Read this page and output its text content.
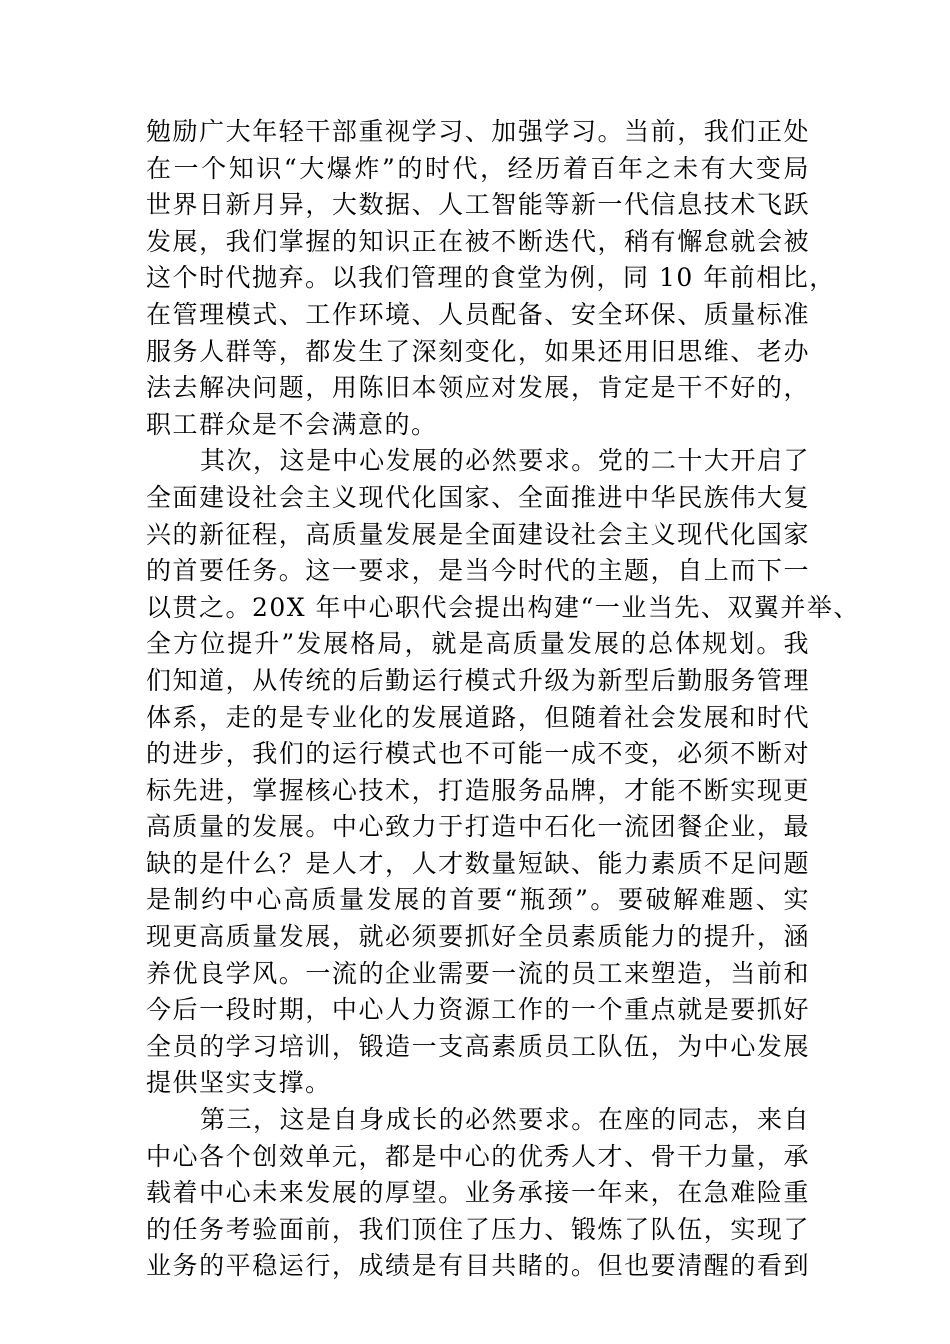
勉励广大年轻干部重视学习、加强学习。当前，我们正处
在一个知识“大爆炸”的时代，经历着百年之未有大变局
世界日新月异，大数据、人工智能等新一代信息技术飞跃
发展，我们掌握的知识正在被不断迭代，稍有懈怠就会被
这个时代抛弃。以我们管理的食堂为例，同 10 年前相比，
在管理模式、工作环境、人员配备、安全环保、质量标准
服务人群等，都发生了深刻变化，如果还用旧思维、老办
法去解决问题，用陈旧本领应对发展，肯定是干不好的，
职工群众是不会满意的。

其次，这是中心发展的必然要求。党的二十大开启了
全面建设社会主义现代化国家、全面推进中华民族伟大复
兴的新征程，高质量发展是全面建设社会主义现代化国家
的首要任务。这一要求，是当今时代的主题，自上而下一
以贯之。20X 年中心职代会提出构建“一业当先、双翼并举、
全方位提升”发展格局，就是高质量发展的总体规划。我
们知道，从传统的后勤运行模式升级为新型后勤服务管理
体系，走的是专业化的发展道路，但随着社会发展和时代
的进步，我们的运行模式也不可能一成不变，必须不断对
标先进，掌握核心技术，打造服务品牌，才能不断实现更
高质量的发展。中心致力于打造中石化一流团餐企业，最
缺的是什么？是人才，人才数量短缺、能力素质不足问题
是制约中心高质量发展的首要“瓶颈”。要破解难题、实
现更高质量发展，就必须要抓好全员素质能力的提升，涵
养优良学风。一流的企业需要一流的员工来塑造，当前和
今后一段时期，中心人力资源工作的一个重点就是要抓好
全员的学习培训，锻造一支高素质员工队伍，为中心发展
提供坚实支撑。

第三，这是自身成长的必然要求。在座的同志，来自
中心各个创效单元，都是中心的优秀人才、骨干力量，承
载着中心未来发展的厚望。业务承接一年来，在急难险重
的任务考验面前，我们顶住了压力、锻炼了队伍，实现了
业务的平稳运行，成绩是有目共睹的。但也要清醒的看到
